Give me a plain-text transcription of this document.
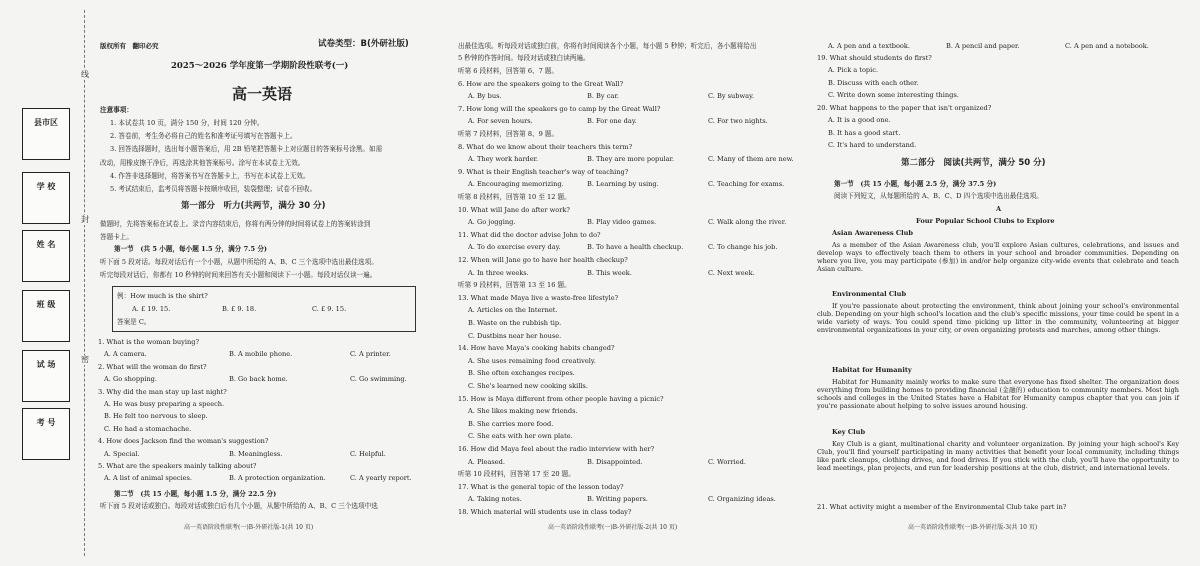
线
封
密
县市区
学 校
姓 名
班 级
试 场
考 号
版权所有　翻印必究	试卷类型：B(外研社版)
2025～2026 学年度第一学期阶段性联考(一)
高一英语
注意事项：
1. 本试卷共 10 页，满分 150 分，时间 120 分钟。
2. 答卷前，考生务必将自己的姓名和准考证号填写在答题卡上。
3. 回答选择题时，选出每小题答案后，用 2B 铅笔把答题卡上对应题目的答案标号涂黑。如需
改动，用橡皮擦干净后，再选涂其他答案标号。涂写在本试卷上无效。
4. 作答非选择题时，将答案书写在答题卡上，书写在本试卷上无效。
5. 考试结束后，监考员将答题卡按顺序收回，装袋整理；试卷不回收。
第一部分　听力(共两节，满分 30 分)
做题时，先将答案标在试卷上。录音内容结束后，你将有两分钟的时间将试卷上的答案转涂到
答题卡上。
第一节　(共 5 小题，每小题 1.5 分，满分 7.5 分)
听下面 5 段对话。每段对话后有一个小题，从题中所给的 A、B、C 三个选项中选出最佳选项。
听完每段对话后，你都有 10 秒钟的时间来回答有关小题和阅读下一小题。每段对话仅读一遍。
例：How much is the shirt?
A. £ 19. 15.	B. £ 9. 18.	C. £ 9. 15.
答案是 C。
1. What is the woman buying?
A. A camera.	B. A mobile phone.	C. A printer.
2. What will the woman do first?
A. Go shopping.	B. Go back home.	C. Go swimming.
3. Why did the man stay up last night?
A. He was busy preparing a speech.
B. He felt too nervous to sleep.
C. He had a stomachache.
4. How does Jackson find the woman's suggestion?
A. Special.	B. Meaningless.	C. Helpful.
5. What are the speakers mainly talking about?
A. A list of animal species.	B. A protection organization.	C. A yearly report.
第二节　(共 15 小题，每小题 1.5 分，满分 22.5 分)
听下面 5 段对话或独白。每段对话或独白后有几个小题，从题中所给的 A、B、C 三个选项中选
高一英语阶段性联考(一)B-外研社版-1(共 10 页)
出最佳选项。听每段对话或独白前，你将有时间阅读各个小题，每小题 5 秒钟；听完后，各小题将给出
5 秒钟的作答时间。每段对话或独白读两遍。
听第 6 段材料，回答第 6、7 题。
6. How are the speakers going to the Great Wall?
A. By bus.	B. By car.	C. By subway.
7. How long will the speakers go to camp by the Great Wall?
A. For seven hours.	B. For one day.	C. For two nights.
听第 7 段材料，回答第 8、9 题。
8. What do we know about their teachers this term?
A. They work harder.	B. They are more popular.	C. Many of them are new.
9. What is their English teacher's way of teaching?
A. Encouraging memorizing.	B. Learning by using.	C. Teaching for exams.
听第 8 段材料，回答第 10 至 12 题。
10. What will Jane do after work?
A. Go jogging.	B. Play video games.	C. Walk along the river.
11. What did the doctor advise John to do?
A. To do exercise every day.	B. To have a health checkup.	C. To change his job.
12. When will Jane go to have her health checkup?
A. In three weeks.	B. This week.	C. Next week.
听第 9 段材料，回答第 13 至 16 题。
13. What made Maya live a waste-free lifestyle?
A. Articles on the Internet.
B. Waste on the rubbish tip.
C. Dustbins near her house.
14. How have Maya's cooking habits changed?
A. She uses remaining food creatively.
B. She often exchanges recipes.
C. She's learned new cooking skills.
15. How is Maya different from other people having a picnic?
A. She likes making new friends.
B. She carries more food.
C. She eats with her own plate.
16. How did Maya feel about the radio interview with her?
A. Pleased.	B. Disappointed.	C. Worried.
听第 10 段材料，回答第 17 至 20 题。
17. What is the general topic of the lesson today?
A. Taking notes.	B. Writing papers.	C. Organizing ideas.
18. Which material will students use in class today?
高一英语阶段性联考(一)B-外研社版-2(共 10 页)
A. A pen and a textbook.	B. A pencil and paper.	C. A pen and a notebook.
19. What should students do first?
A. Pick a topic.
B. Discuss with each other.
C. Write down some interesting things.
20. What happens to the paper that isn't organized?
A. It is a good one.
B. It has a good start.
C. It's hard to understand.
第二部分　阅读(共两节，满分 50 分)
第一节　(共 15 小题，每小题 2.5 分，满分 37.5 分)
阅读下列短文，从每题所给的 A、B、C、D 四个选项中选出最佳选项。
A
Four Popular School Clubs to Explore
Asian Awareness Club
As a member of the Asian Awareness club, you'll explore Asian cultures, celebrations, and issues and develop ways to effectively teach them to others in your school and broader communities. Depending on where you live, you may participate (参加) in and/or help organize city-wide events that celebrate and teach Asian culture.
Environmental Club
If you're passionate about protecting the environment, think about joining your school's environmental club. Depending on your high school's location and the club's specific missions, your time could be spent in a wide variety of ways. You could spend time picking up litter in the community, volunteering at bigger environmental organizations in your city, or even organizing protests and marches, among other things.
Habitat for Humanity
Habitat for Humanity mainly works to make sure that everyone has fixed shelter. The organization does everything from building homes to providing financial (金融的) education to community members. Most high schools and colleges in the United States have a Habitat for Humanity campus chapter that you can join if you're passionate about helping to solve issues around housing.
Key Club
Key Club is a giant, multinational charity and volunteer organization. By joining your high school's Key Club, you'll find yourself participating in many activities that benefit your local community, including things like park cleanups, clothing drives, and food drives. If you stick with the club, you'll have the opportunity to lead meetings, plan projects, and run for leadership positions at the club, district, and international levels.
21. What activity might a member of the Environmental Club take part in?
高一英语阶段性联考(一)B-外研社版-3(共 10 页)
